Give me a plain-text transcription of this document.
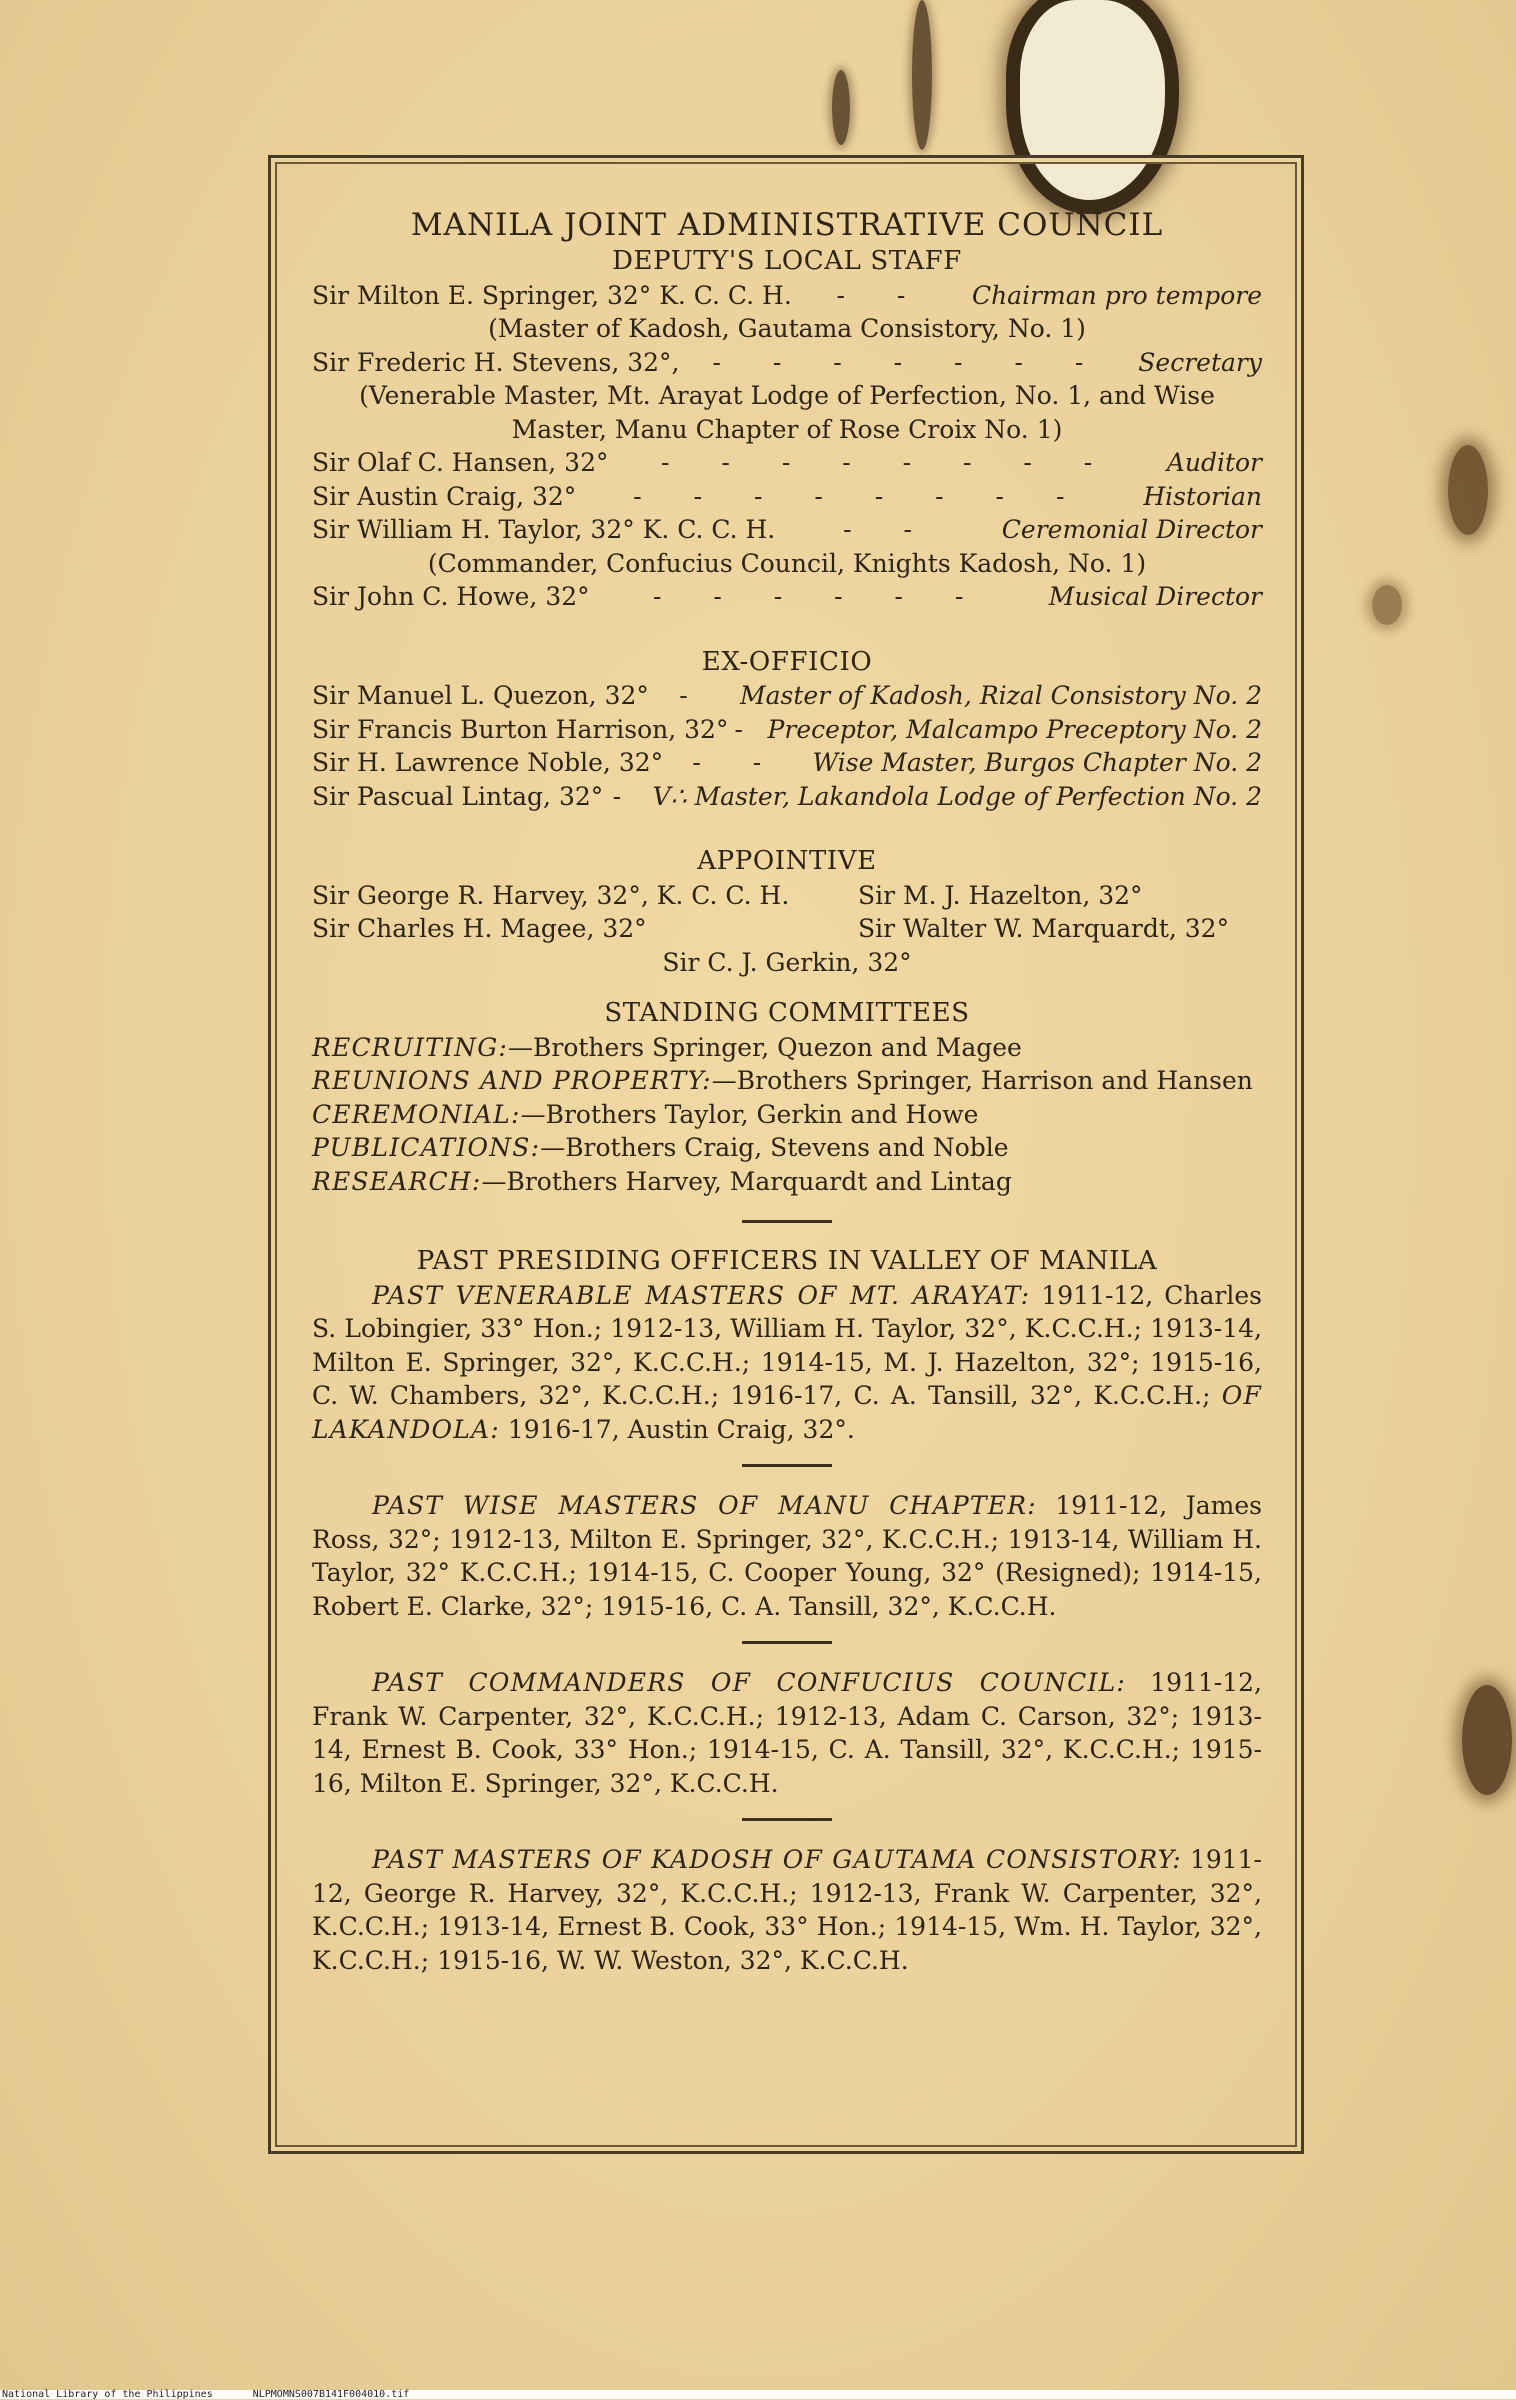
MANILA JOINT ADMINISTRATIVE COUNCIL
DEPUTY'S LOCAL STAFF
Sir Milton E. Springer, 32° K. C. C. H.	- -	Chairman pro tempore
(Master of Kadosh, Gautama Consistory, No. 1)
Sir Frederic H. Stevens, 32°,	- - - - - - -	Secretary
(Venerable Master, Mt. Arayat Lodge of Perfection, No. 1, and Wise Master, Manu Chapter of Rose Croix No. 1)
Sir Olaf C. Hansen, 32°	- - - - - - - -	Auditor
Sir Austin Craig, 32°	- - - - - - - -	Historian
Sir William H. Taylor, 32° K. C. C. H.	- -	Ceremonial Director
(Commander, Confucius Council, Knights Kadosh, No. 1)
Sir John C. Howe, 32°	- - - - - -	Musical Director
EX-OFFICIO
Sir Manuel L. Quezon, 32°	-	Master of Kadosh, Rizal Consistory No. 2
Sir Francis Burton Harrison, 32° - Preceptor, Malcampo Preceptory No. 2
Sir H. Lawrence Noble, 32°	- -	Wise Master, Burgos Chapter No. 2
Sir Pascual Lintag, 32° - V∴ Master, Lakandola Lodge of Perfection No. 2
APPOINTIVE
Sir George R. Harvey, 32°, K. C. C. H.	Sir M. J. Hazelton, 32°
Sir Charles H. Magee, 32°	Sir Walter W. Marquardt, 32°
Sir C. J. Gerkin, 32°
STANDING COMMITTEES
RECRUITING:—Brothers Springer, Quezon and Magee
REUNIONS AND PROPERTY:—Brothers Springer, Harrison and Hansen
CEREMONIAL:—Brothers Taylor, Gerkin and Howe
PUBLICATIONS:—Brothers Craig, Stevens and Noble
RESEARCH:—Brothers Harvey, Marquardt and Lintag
PAST PRESIDING OFFICERS IN VALLEY OF MANILA
PAST VENERABLE MASTERS OF MT. ARAYAT: 1911-12, Charles S. Lobingier, 33° Hon.; 1912-13, William H. Taylor, 32°, K.C.C.H.; 1913-14, Milton E. Springer, 32°, K.C.C.H.; 1914-15, M. J. Hazelton, 32°; 1915-16, C. W. Chambers, 32°, K.C.C.H.; 1916-17, C. A. Tansill, 32°, K.C.C.H.; OF LAKANDOLA: 1916-17, Austin Craig, 32°.
PAST WISE MASTERS OF MANU CHAPTER: 1911-12, James Ross, 32°; 1912-13, Milton E. Springer, 32°, K.C.C.H.; 1913-14, William H. Taylor, 32° K.C.C.H.; 1914-15, C. Cooper Young, 32° (Resigned); 1914-15, Robert E. Clarke, 32°; 1915-16, C. A. Tansill, 32°, K.C.C.H.
PAST COMMANDERS OF CONFUCIUS COUNCIL: 1911-12, Frank W. Carpenter, 32°, K.C.C.H.; 1912-13, Adam C. Carson, 32°; 1913-14, Ernest B. Cook, 33° Hon.; 1914-15, C. A. Tansill, 32°, K.C.C.H.; 1915-16, Milton E. Springer, 32°, K.C.C.H.
PAST MASTERS OF KADOSH OF GAUTAMA CONSISTORY: 1911-12, George R. Harvey, 32°, K.C.C.H.; 1912-13, Frank W. Carpenter, 32°, K.C.C.H.; 1913-14, Ernest B. Cook, 33° Hon.; 1914-15, Wm. H. Taylor, 32°, K.C.C.H.; 1915-16, W. W. Weston, 32°, K.C.C.H.
National Library of the Philippines	NLPMOMNS007B141F004010.tif
